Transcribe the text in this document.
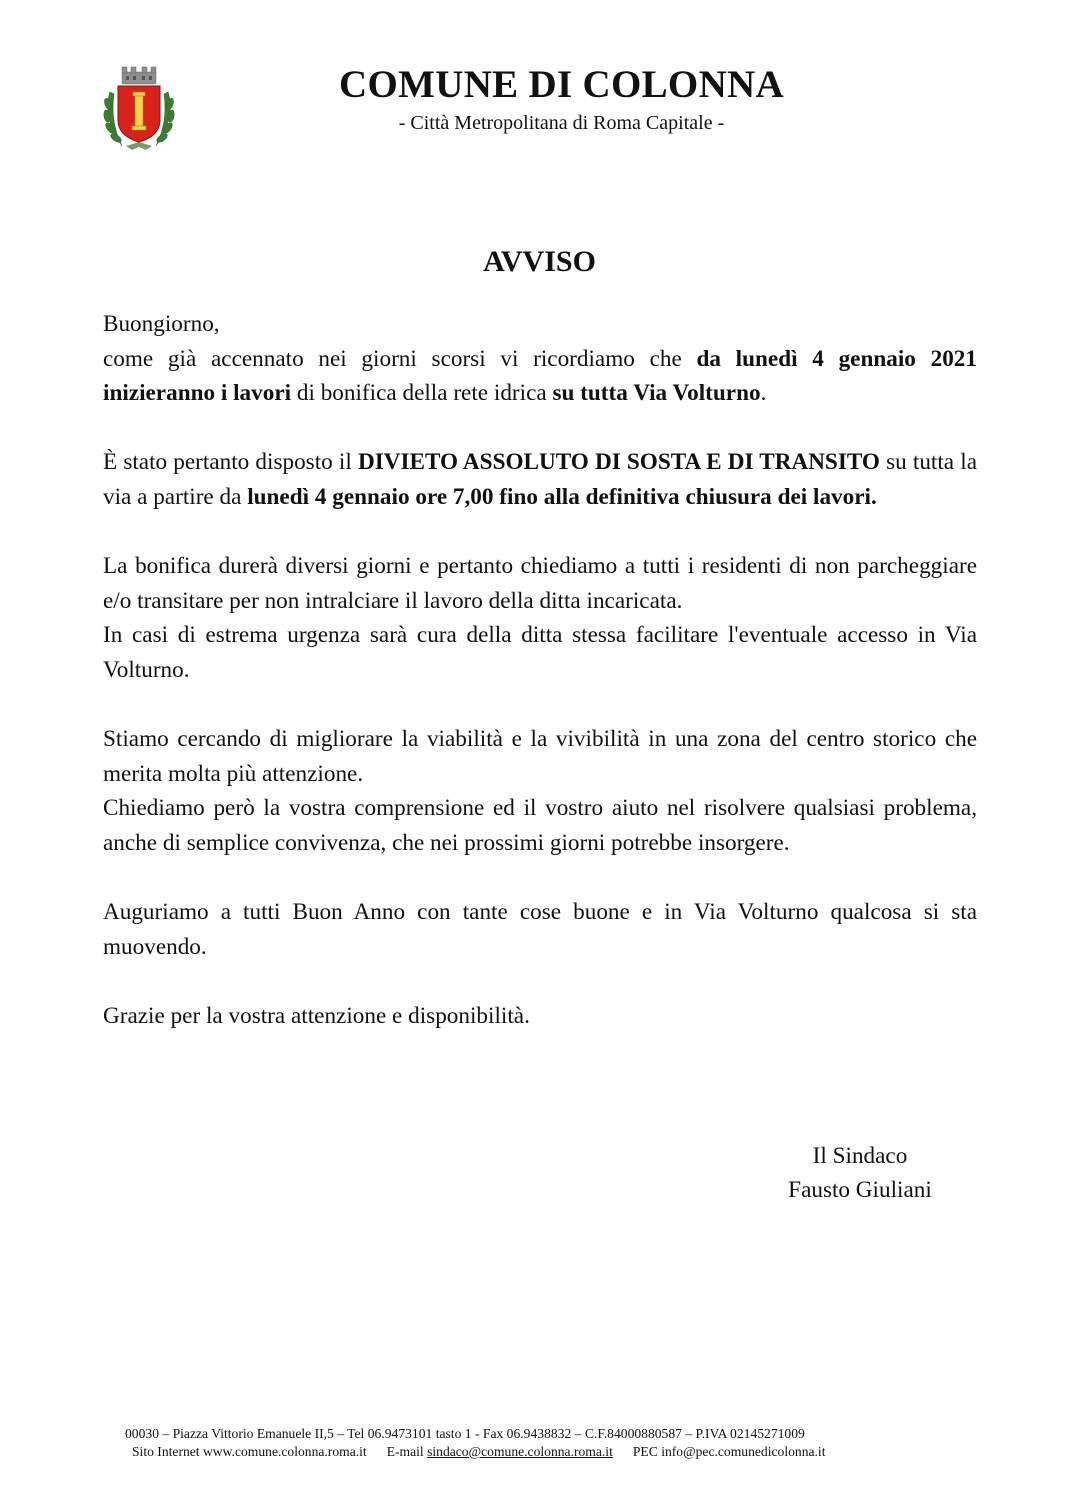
COMUNE DI COLONNA
- Città Metropolitana di Roma Capitale -
AVVISO

Buongiorno,
come già accennato nei giorni scorsi vi ricordiamo che da lunedì 4 gennaio 2021 inizieranno i lavori di bonifica della rete idrica su tutta Via Volturno.

È stato pertanto disposto il DIVIETO ASSOLUTO DI SOSTA E DI TRANSITO su tutta la via a partire da lunedì 4 gennaio ore 7,00 fino alla definitiva chiusura dei lavori.

La bonifica durerà diversi giorni e pertanto chiediamo a tutti i residenti di non parcheggiare e/o transitare per non intralciare il lavoro della ditta incaricata.
In casi di estrema urgenza sarà cura della ditta stessa facilitare l'eventuale accesso in Via Volturno.

Stiamo cercando di migliorare la viabilità e la vivibilità in una zona del centro storico che merita molta più attenzione.
Chiediamo però la vostra comprensione ed il vostro aiuto nel risolvere qualsiasi problema, anche di semplice convivenza, che nei prossimi giorni potrebbe insorgere.

Auguriamo a tutti Buon Anno con tante cose buone e in Via Volturno qualcosa si sta muovendo.

Grazie per la vostra attenzione e disponibilità.

Il Sindaco
Fausto Giuliani
00030 – Piazza Vittorio Emanuele II,5 – Tel 06.9473101 tasto 1 - Fax 06.9438832 – C.F.84000880587 – P.IVA 02145271009
Sito Internet www.comune.colonna.roma.it E-mail sindaco@comune.colonna.roma.it PEC info@pec.comunedicolonna.it
